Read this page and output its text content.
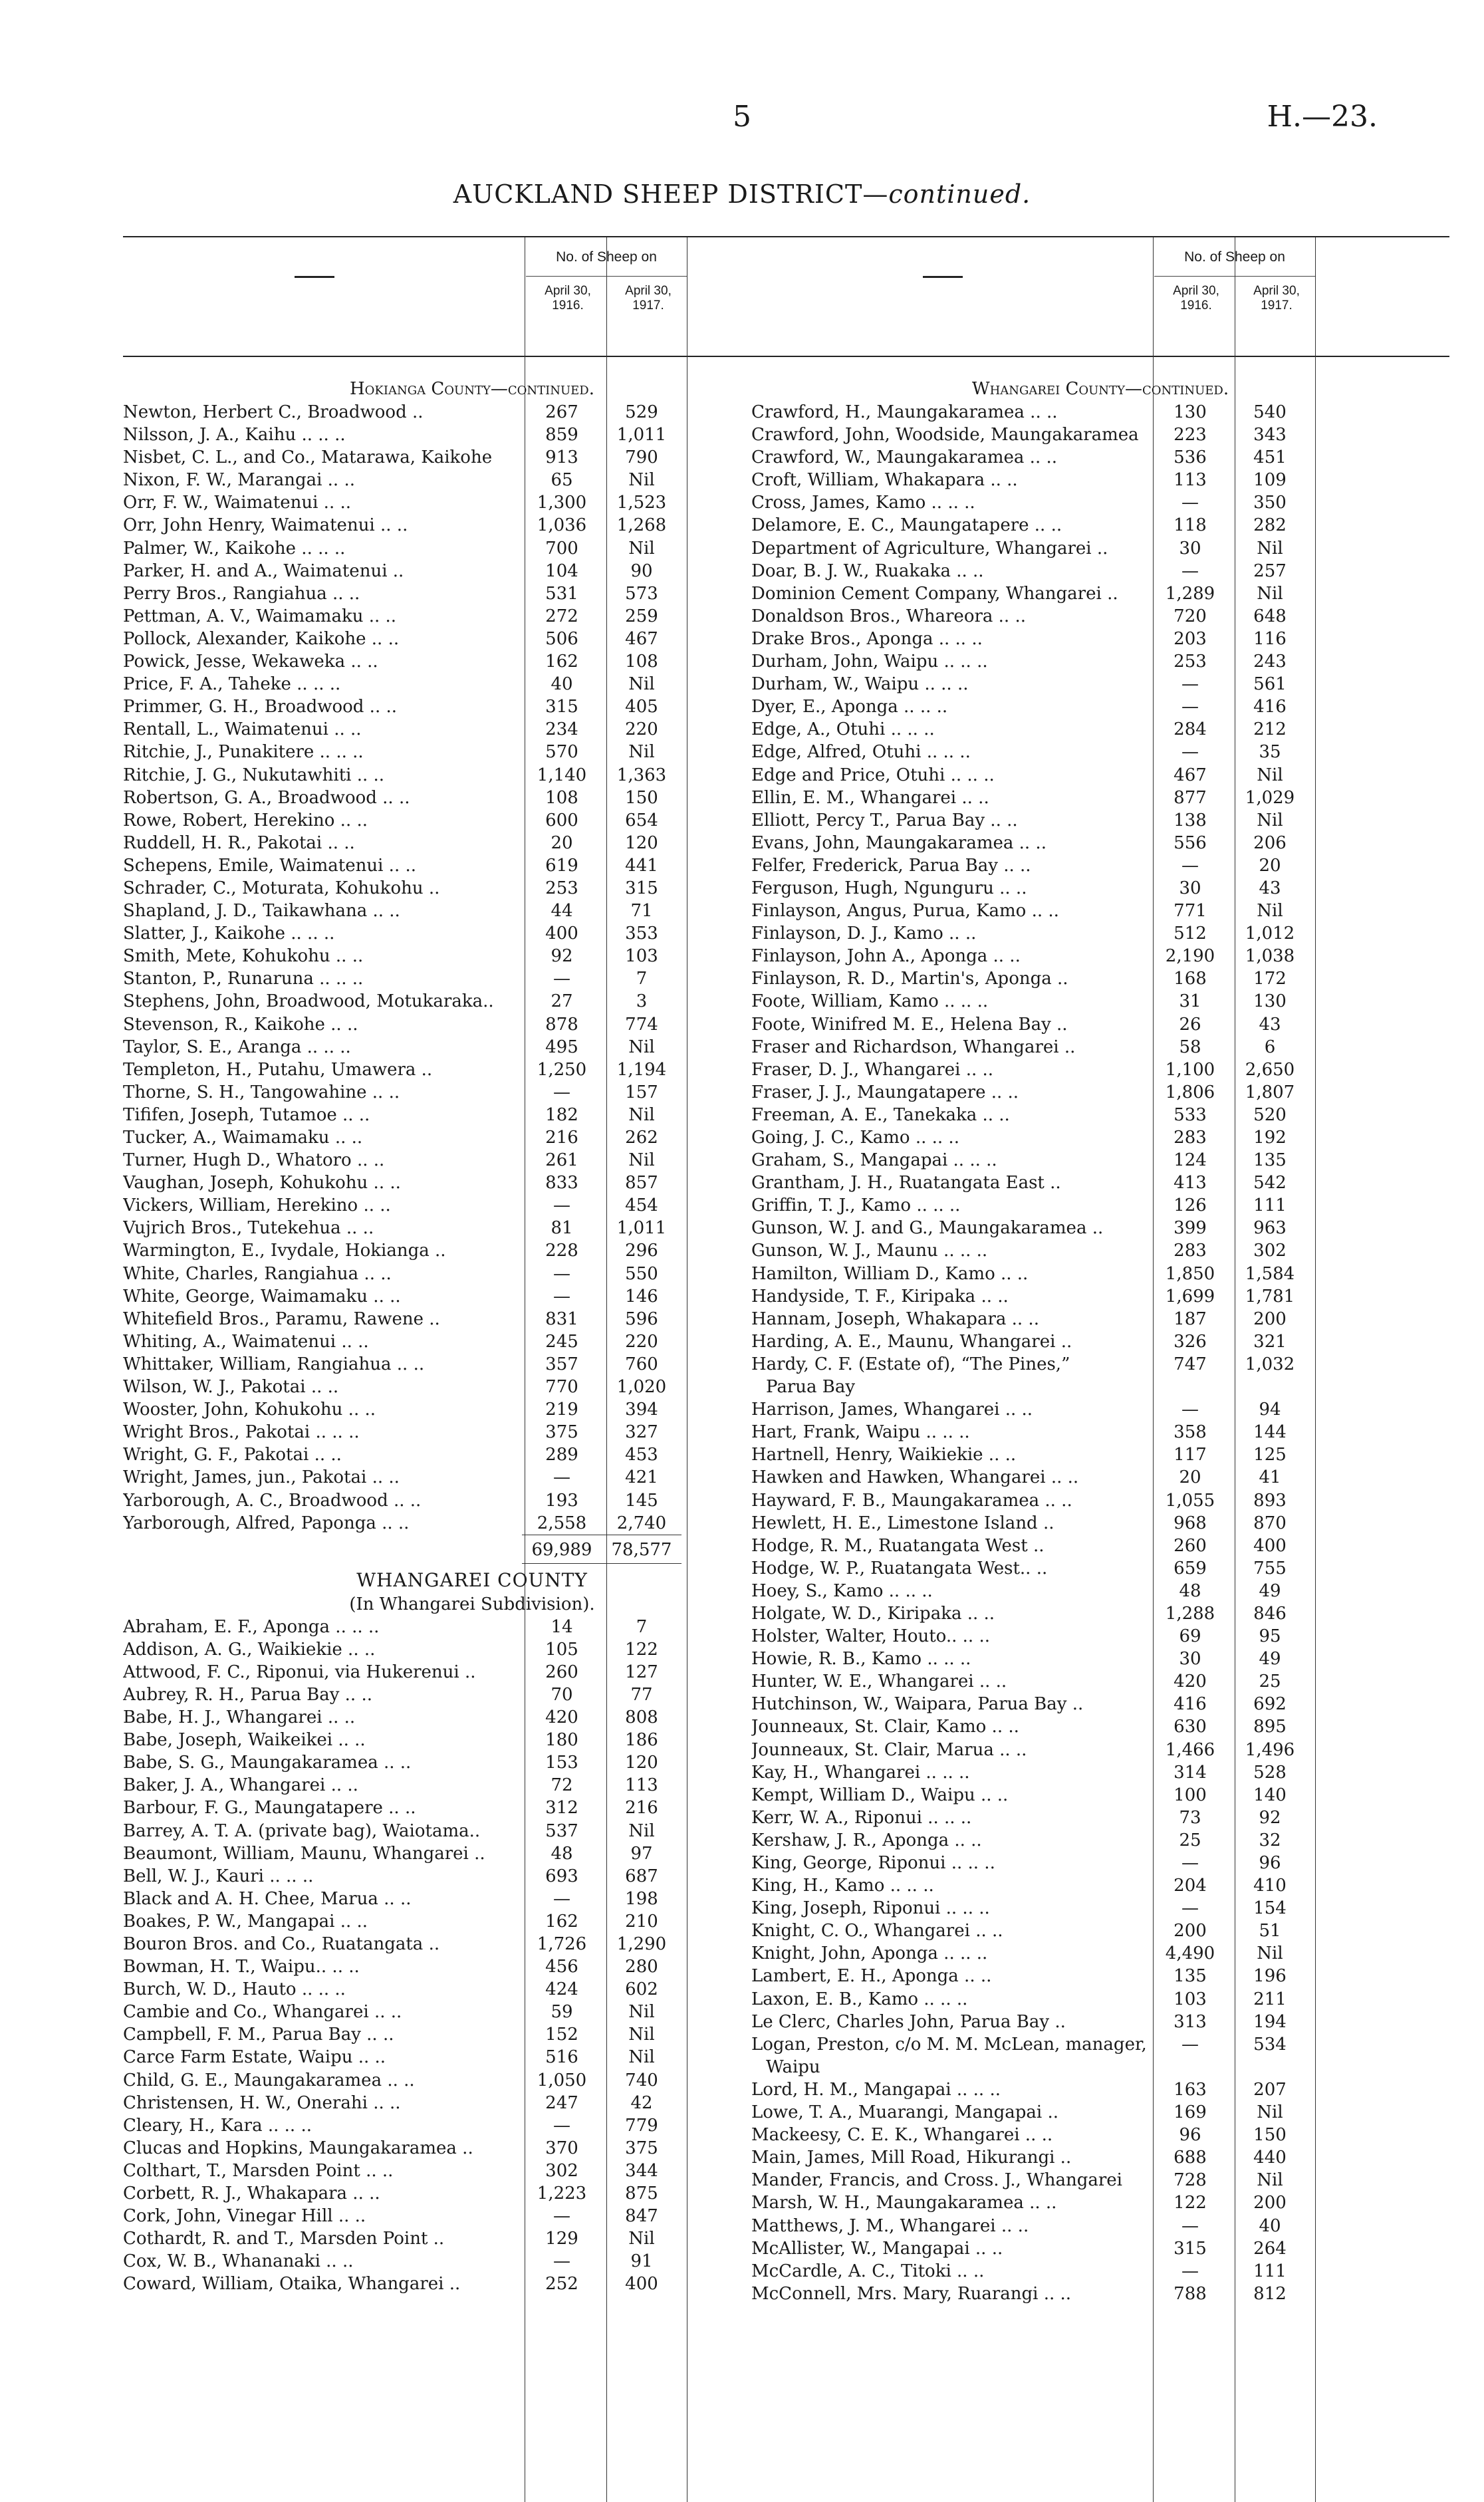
5	H.—23.
AUCKLAND SHEEP DISTRICT—continued.
No. of Sheep on
April 30, 1916.
April 30, 1917.
Hokianga County—continued.
Newton, Herbert C., Broadwood ..	267	529
Nilsson, J. A., Kaihu .. .. ..	859	1,011
Nisbet, C. L., and Co., Matarawa, Kaikohe	913	790
Nixon, F. W., Marangai .. ..	65	Nil
Orr, F. W., Waimatenui .. ..	1,300	1,523
Orr, John Henry, Waimatenui .. ..	1,036	1,268
Palmer, W., Kaikohe .. .. ..	700	Nil
Parker, H. and A., Waimatenui ..	104	90
Perry Bros., Rangiahua .. ..	531	573
Pettman, A. V., Waimamaku .. ..	272	259
Pollock, Alexander, Kaikohe .. ..	506	467
Powick, Jesse, Wekaweka .. ..	162	108
Price, F. A., Taheke .. .. ..	40	Nil
Primmer, G. H., Broadwood .. ..	315	405
Rentall, L., Waimatenui .. ..	234	220
Ritchie, J., Punakitere .. .. ..	570	Nil
Ritchie, J. G., Nukutawhiti .. ..	1,140	1,363
Robertson, G. A., Broadwood .. ..	108	150
Rowe, Robert, Herekino .. ..	600	654
Ruddell, H. R., Pakotai .. ..	20	120
Schepens, Emile, Waimatenui .. ..	619	441
Schrader, C., Moturata, Kohukohu ..	253	315
Shapland, J. D., Taikawhana .. ..	44	71
Slatter, J., Kaikohe .. .. ..	400	353
Smith, Mete, Kohukohu .. ..	92	103
Stanton, P., Runaruna .. .. ..	—	7
Stephens, John, Broadwood, Motukaraka..	27	3
Stevenson, R., Kaikohe .. ..	878	774
Taylor, S. E., Aranga .. .. ..	495	Nil
Templeton, H., Putahu, Umawera ..	1,250	1,194
Thorne, S. H., Tangowahine .. ..	—	157
Tififen, Joseph, Tutamoe .. ..	182	Nil
Tucker, A., Waimamaku .. ..	216	262
Turner, Hugh D., Whatoro .. ..	261	Nil
Vaughan, Joseph, Kohukohu .. ..	833	857
Vickers, William, Herekino .. ..	—	454
Vujrich Bros., Tutekehua .. ..	81	1,011
Warmington, E., Ivydale, Hokianga ..	228	296
White, Charles, Rangiahua .. ..	—	550
White, George, Waimamaku .. ..	—	146
Whitefield Bros., Paramu, Rawene ..	831	596
Whiting, A., Waimatenui .. ..	245	220
Whittaker, William, Rangiahua .. ..	357	760
Wilson, W. J., Pakotai .. ..	770	1,020
Wooster, John, Kohukohu .. ..	219	394
Wright Bros., Pakotai .. .. ..	375	327
Wright, G. F., Pakotai .. ..	289	453
Wright, James, jun., Pakotai .. ..	—	421
Yarborough, A. C., Broadwood .. ..	193	145
Yarborough, Alfred, Paponga .. ..	2,558	2,740
69,989	78,577
WHANGAREI COUNTY
(In Whangarei Subdivision).
Abraham, E. F., Aponga .. .. ..	14	7
Addison, A. G., Waikiekie .. ..	105	122
Attwood, F. C., Riponui, via Hukerenui ..	260	127
Aubrey, R. H., Parua Bay .. ..	70	77
Babe, H. J., Whangarei .. ..	420	808
Babe, Joseph, Waikeikei .. ..	180	186
Babe, S. G., Maungakaramea .. ..	153	120
Baker, J. A., Whangarei .. ..	72	113
Barbour, F. G., Maungatapere .. ..	312	216
Barrey, A. T. A. (private bag), Waiotama..	537	Nil
Beaumont, William, Maunu, Whangarei ..	48	97
Bell, W. J., Kauri .. .. ..	693	687
Black and A. H. Chee, Marua .. ..	—	198
Boakes, P. W., Mangapai .. ..	162	210
Bouron Bros. and Co., Ruatangata ..	1,726	1,290
Bowman, H. T., Waipu.. .. ..	456	280
Burch, W. D., Hauto .. .. ..	424	602
Cambie and Co., Whangarei .. ..	59	Nil
Campbell, F. M., Parua Bay .. ..	152	Nil
Carce Farm Estate, Waipu .. ..	516	Nil
Child, G. E., Maungakaramea .. ..	1,050	740
Christensen, H. W., Onerahi .. ..	247	42
Cleary, H., Kara .. .. ..	—	779
Clucas and Hopkins, Maungakaramea ..	370	375
Colthart, T., Marsden Point .. ..	302	344
Corbett, R. J., Whakapara .. ..	1,223	875
Cork, John, Vinegar Hill .. ..	—	847
Cothardt, R. and T., Marsden Point ..	129	Nil
Cox, W. B., Whananaki .. ..	—	91
Coward, William, Otaika, Whangarei ..	252	400
No. of Sheep on
April 30, 1916.
April 30, 1917.
Whangarei County—continued.
Crawford, H., Maungakaramea .. ..	130	540
Crawford, John, Woodside, Maungakaramea	223	343
Crawford, W., Maungakaramea .. ..	536	451
Croft, William, Whakapara .. ..	113	109
Cross, James, Kamo .. .. ..	—	350
Delamore, E. C., Maungatapere .. ..	118	282
Department of Agriculture, Whangarei ..	30	Nil
Doar, B. J. W., Ruakaka .. ..	—	257
Dominion Cement Company, Whangarei ..	1,289	Nil
Donaldson Bros., Whareora .. ..	720	648
Drake Bros., Aponga .. .. ..	203	116
Durham, John, Waipu .. .. ..	253	243
Durham, W., Waipu .. .. ..	—	561
Dyer, E., Aponga .. .. ..	—	416
Edge, A., Otuhi .. .. ..	284	212
Edge, Alfred, Otuhi .. .. ..	—	35
Edge and Price, Otuhi .. .. ..	467	Nil
Ellin, E. M., Whangarei .. ..	877	1,029
Elliott, Percy T., Parua Bay .. ..	138	Nil
Evans, John, Maungakaramea .. ..	556	206
Felfer, Frederick, Parua Bay .. ..	—	20
Ferguson, Hugh, Ngunguru .. ..	30	43
Finlayson, Angus, Purua, Kamo .. ..	771	Nil
Finlayson, D. J., Kamo .. ..	512	1,012
Finlayson, John A., Aponga .. ..	2,190	1,038
Finlayson, R. D., Martin's, Aponga ..	168	172
Foote, William, Kamo .. .. ..	31	130
Foote, Winifred M. E., Helena Bay ..	26	43
Fraser and Richardson, Whangarei ..	58	6
Fraser, D. J., Whangarei .. ..	1,100	2,650
Fraser, J. J., Maungatapere .. ..	1,806	1,807
Freeman, A. E., Tanekaka .. ..	533	520
Going, J. C., Kamo .. .. ..	283	192
Graham, S., Mangapai .. .. ..	124	135
Grantham, J. H., Ruatangata East ..	413	542
Griffin, T. J., Kamo .. .. ..	126	111
Gunson, W. J. and G., Maungakaramea ..	399	963
Gunson, W. J., Maunu .. .. ..	283	302
Hamilton, William D., Kamo .. ..	1,850	1,584
Handyside, T. F., Kiripaka .. ..	1,699	1,781
Hannam, Joseph, Whakapara .. ..	187	200
Harding, A. E., Maunu, Whangarei ..	326	321
Hardy, C. F. (Estate of), “The Pines,”	747	1,032
Parua Bay
Harrison, James, Whangarei .. ..	—	94
Hart, Frank, Waipu .. .. ..	358	144
Hartnell, Henry, Waikiekie .. ..	117	125
Hawken and Hawken, Whangarei .. ..	20	41
Hayward, F. B., Maungakaramea .. ..	1,055	893
Hewlett, H. E., Limestone Island ..	968	870
Hodge, R. M., Ruatangata West ..	260	400
Hodge, W. P., Ruatangata West.. ..	659	755
Hoey, S., Kamo .. .. ..	48	49
Holgate, W. D., Kiripaka .. ..	1,288	846
Holster, Walter, Houto.. .. ..	69	95
Howie, R. B., Kamo .. .. ..	30	49
Hunter, W. E., Whangarei .. ..	420	25
Hutchinson, W., Waipara, Parua Bay ..	416	692
Jounneaux, St. Clair, Kamo .. ..	630	895
Jounneaux, St. Clair, Marua .. ..	1,466	1,496
Kay, H., Whangarei .. .. ..	314	528
Kempt, William D., Waipu .. ..	100	140
Kerr, W. A., Riponui .. .. ..	73	92
Kershaw, J. R., Aponga .. ..	25	32
King, George, Riponui .. .. ..	—	96
King, H., Kamo .. .. ..	204	410
King, Joseph, Riponui .. .. ..	—	154
Knight, C. O., Whangarei .. ..	200	51
Knight, John, Aponga .. .. ..	4,490	Nil
Lambert, E. H., Aponga .. ..	135	196
Laxon, E. B., Kamo .. .. ..	103	211
Le Clerc, Charles John, Parua Bay ..	313	194
Logan, Preston, c/o M. M. McLean, manager,	—	534
Waipu
Lord, H. M., Mangapai .. .. ..	163	207
Lowe, T. A., Muarangi, Mangapai ..	169	Nil
Mackeesy, C. E. K., Whangarei .. ..	96	150
Main, James, Mill Road, Hikurangi ..	688	440
Mander, Francis, and Cross. J., Whangarei	728	Nil
Marsh, W. H., Maungakaramea .. ..	122	200
Matthews, J. M., Whangarei .. ..	—	40
McAllister, W., Mangapai .. ..	315	264
McCardle, A. C., Titoki .. ..	—	111
McConnell, Mrs. Mary, Ruarangi .. ..	788	812
